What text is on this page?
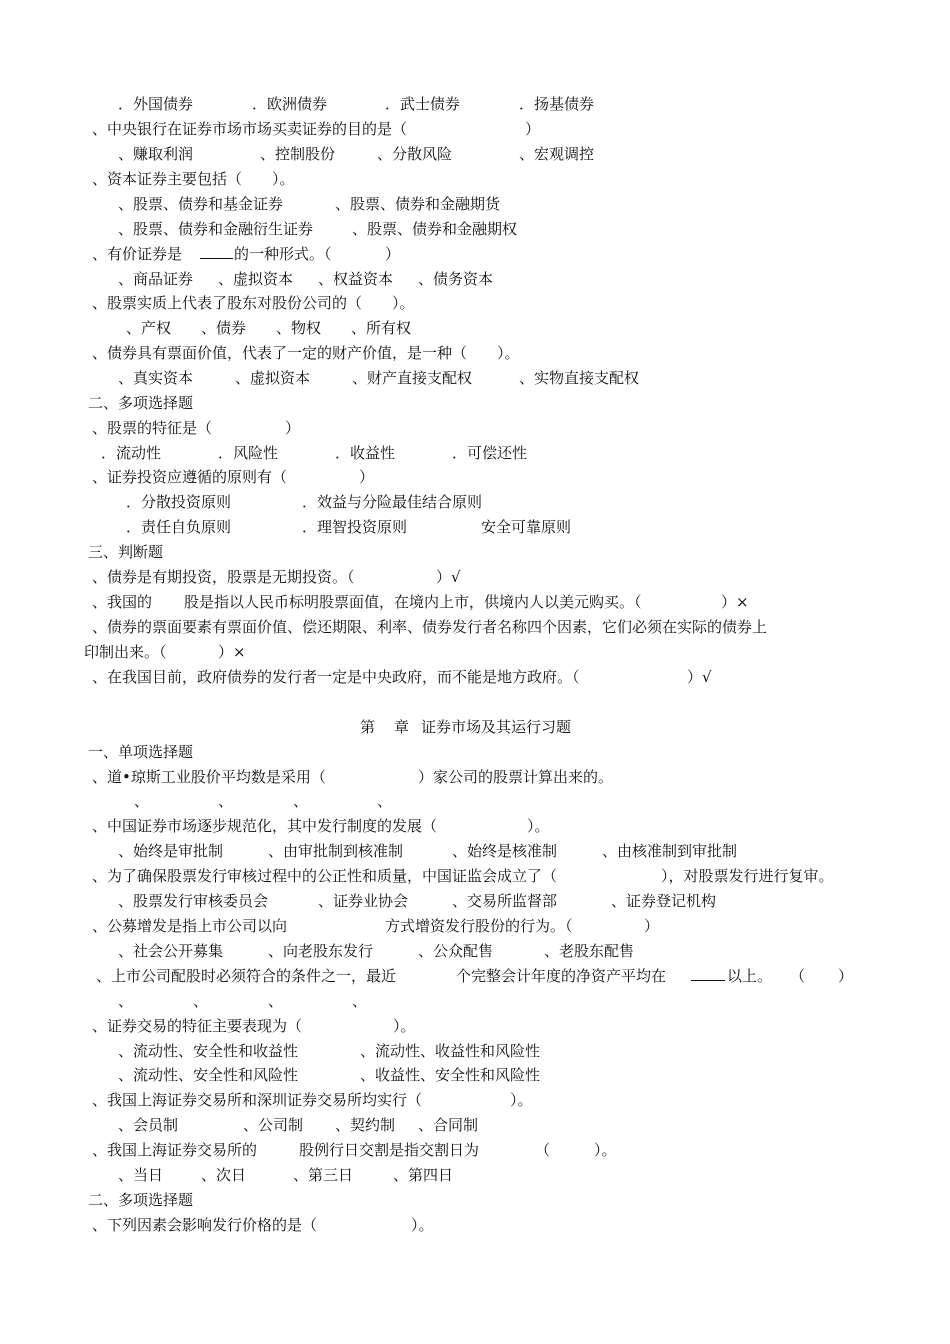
．外国债券

	．欧洲债券

	．武士债券

	．扬基债券

、中央银行在证券市场市场买卖证券的目的是（

	）

、赚取利润

	、控制股份

	、分散风险

	、宏观调控

、资本证券主要包括（　　）。

、股票、债券和基金证券

	、股票、债券和金融期货

、股票、债券和金融衍生证券

	、股票、债券和金融期权

、有价证券是

	的一种形式。（

	）

、商品证券

、虚拟资本

、权益资本

、债务资本

、股票实质上代表了股东对股份公司的（　　）。

、产权

、债券

、物权

、所有权

、债券具有票面价值，代表了一定的财产价值，是一种（　　）。

、真实资本

	、虚拟资本

	、财产直接支配权

	、实物直接支配权

二、多项选择题

、股票的特征是（

	）

．流动性

	．风险性

	．收益性

	．可偿还性

、证券投资应遵循的原则有（

	）

．分散投资原则

	．效益与分险最佳结合原则

．责任自负原则

	．理智投资原则

	安全可靠原则

三、判断题

、债券是有期投资，股票是无期投资。（

	）√

、我国的

股是指以人民币标明股票面值，在境内上市，供境内人以美元购买。（

	）×

、债券的票面要素有票面价值、偿还期限、利率、债券发行者名称四个因素，它们必须在实际的债券上

印制出来。（

	）×

、在我国目前，政府债券的发行者一定是中央政府，而不能是地方政府。（

	）√

第

章

证券市场及其运行习题

一、单项选择题

、道•琼斯工业股价平均数是采用（

	）家公司的股票计算出来的。

、

	、

	、

	、

、中国证券市场逐步规范化，其中发行制度的发展（

	）。

、始终是审批制

	、由审批制到核准制

	、始终是核准制

	、由核准制到审批制

、为了确保股票发行审核过程中的公正性和质量，中国证监会成立了（

	），对股票发行进行复审。

、股票发行审核委员会

	、证券业协会

	、交易所监督部

	、证券登记机构

、公募增发是指上市公司以向

	方式增资发行股份的行为。（

	）

、社会公开募集

	、向老股东发行

	、公众配售

	、老股东配售

、上市公司配股时必须符合的条件之一，最近

	个完整会计年度的净资产平均在

	以上。

（

）

、

	、

	、

	、

、证券交易的特征主要表现为（

	）。

、流动性、安全性和收益性

	、流动性、收益性和风险性

、流动性、安全性和风险性

	、收益性、安全性和风险性

、我国上海证券交易所和深圳证券交易所均实行（

	）。

、会员制

	、公司制

、契约制

、合同制

、我国上海证券交易所的

	股例行日交割是指交割日为

	（

	）。

、当日

	、次日

	、第三日

	、第四日

二、多项选择题

、下列因素会影响发行价格的是（

	）。
